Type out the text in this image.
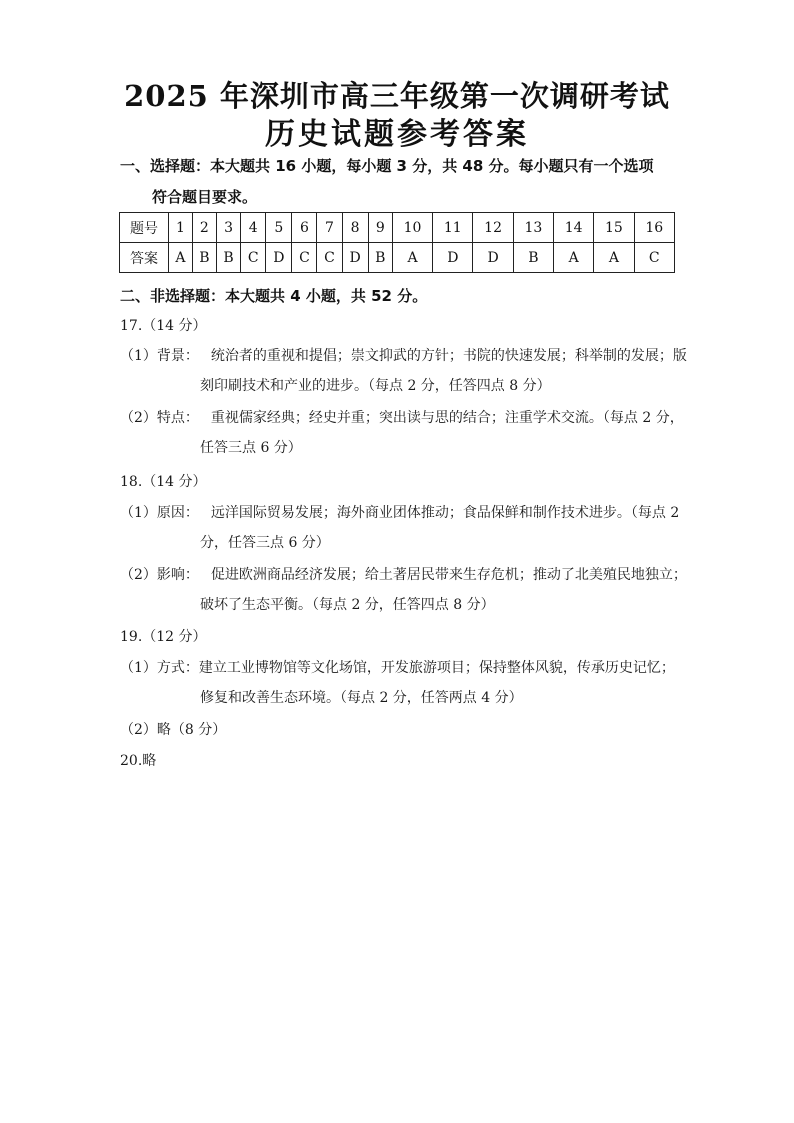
2025 年深圳市高三年级第一次调研考试
历史试题参考答案
一、选择题：本大题共 16 小题，每小题 3 分，共 48 分。每小题只有一个选项
符合题目要求。
题号	1	2	3	4	5	6	7	8	9	10	11	12	13	14	15	16
答案	A	B	B	C	D	C	C	D	B	A	D	D	B	A	A	C
二、非选择题：本大题共 4 小题，共 52 分。
17.（14 分）
（1）背景： 统治者的重视和提倡；崇文抑武的方针；书院的快速发展；科举制的发展；版
刻印刷技术和产业的进步。（每点 2 分，任答四点 8 分）
（2）特点： 重视儒家经典；经史并重；突出读与思的结合；注重学术交流。（每点 2 分，
任答三点 6 分）
18.（14 分）
（1）原因： 远洋国际贸易发展；海外商业团体推动；食品保鲜和制作技术进步。（每点 2
分，任答三点 6 分）
（2）影响： 促进欧洲商品经济发展；给土著居民带来生存危机；推动了北美殖民地独立；
破坏了生态平衡。（每点 2 分，任答四点 8 分）
19.（12 分）
（1）方式：建立工业博物馆等文化场馆，开发旅游项目；保持整体风貌，传承历史记忆；
修复和改善生态环境。（每点 2 分，任答两点 4 分）
（2）略（8 分）
20.略
